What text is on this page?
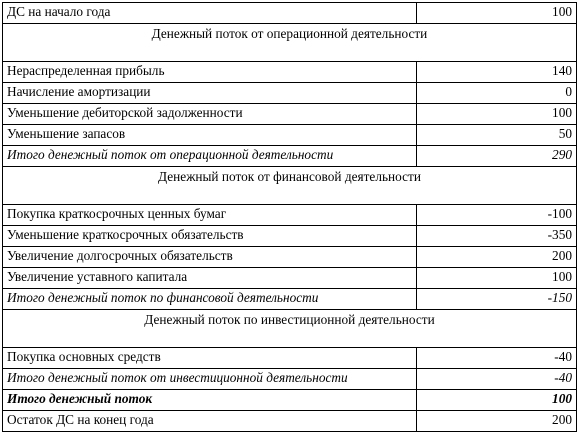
ДС на начало года	100
Денежный поток от операционной деятельности	
Нераспределенная прибыль	140
Начисление амортизации	0
Уменьшение дебиторской задолженности	100
Уменьшение запасов	50
Итого денежный поток от операционной деятельности	290
Денежный поток от финансовой деятельности	
Покупка краткосрочных ценных бумаг	-100
Уменьшение краткосрочных обязательств	-350
Увеличение долгосрочных обязательств	200
Увеличение уставного капитала	100
Итого денежный поток по финансовой деятельности	-150
Денежный поток по инвестиционной деятельности	
Покупка основных средств	-40
Итого денежный поток от инвестиционной деятельности	-40
Итого денежный поток	100
Остаток ДС на конец года	200
